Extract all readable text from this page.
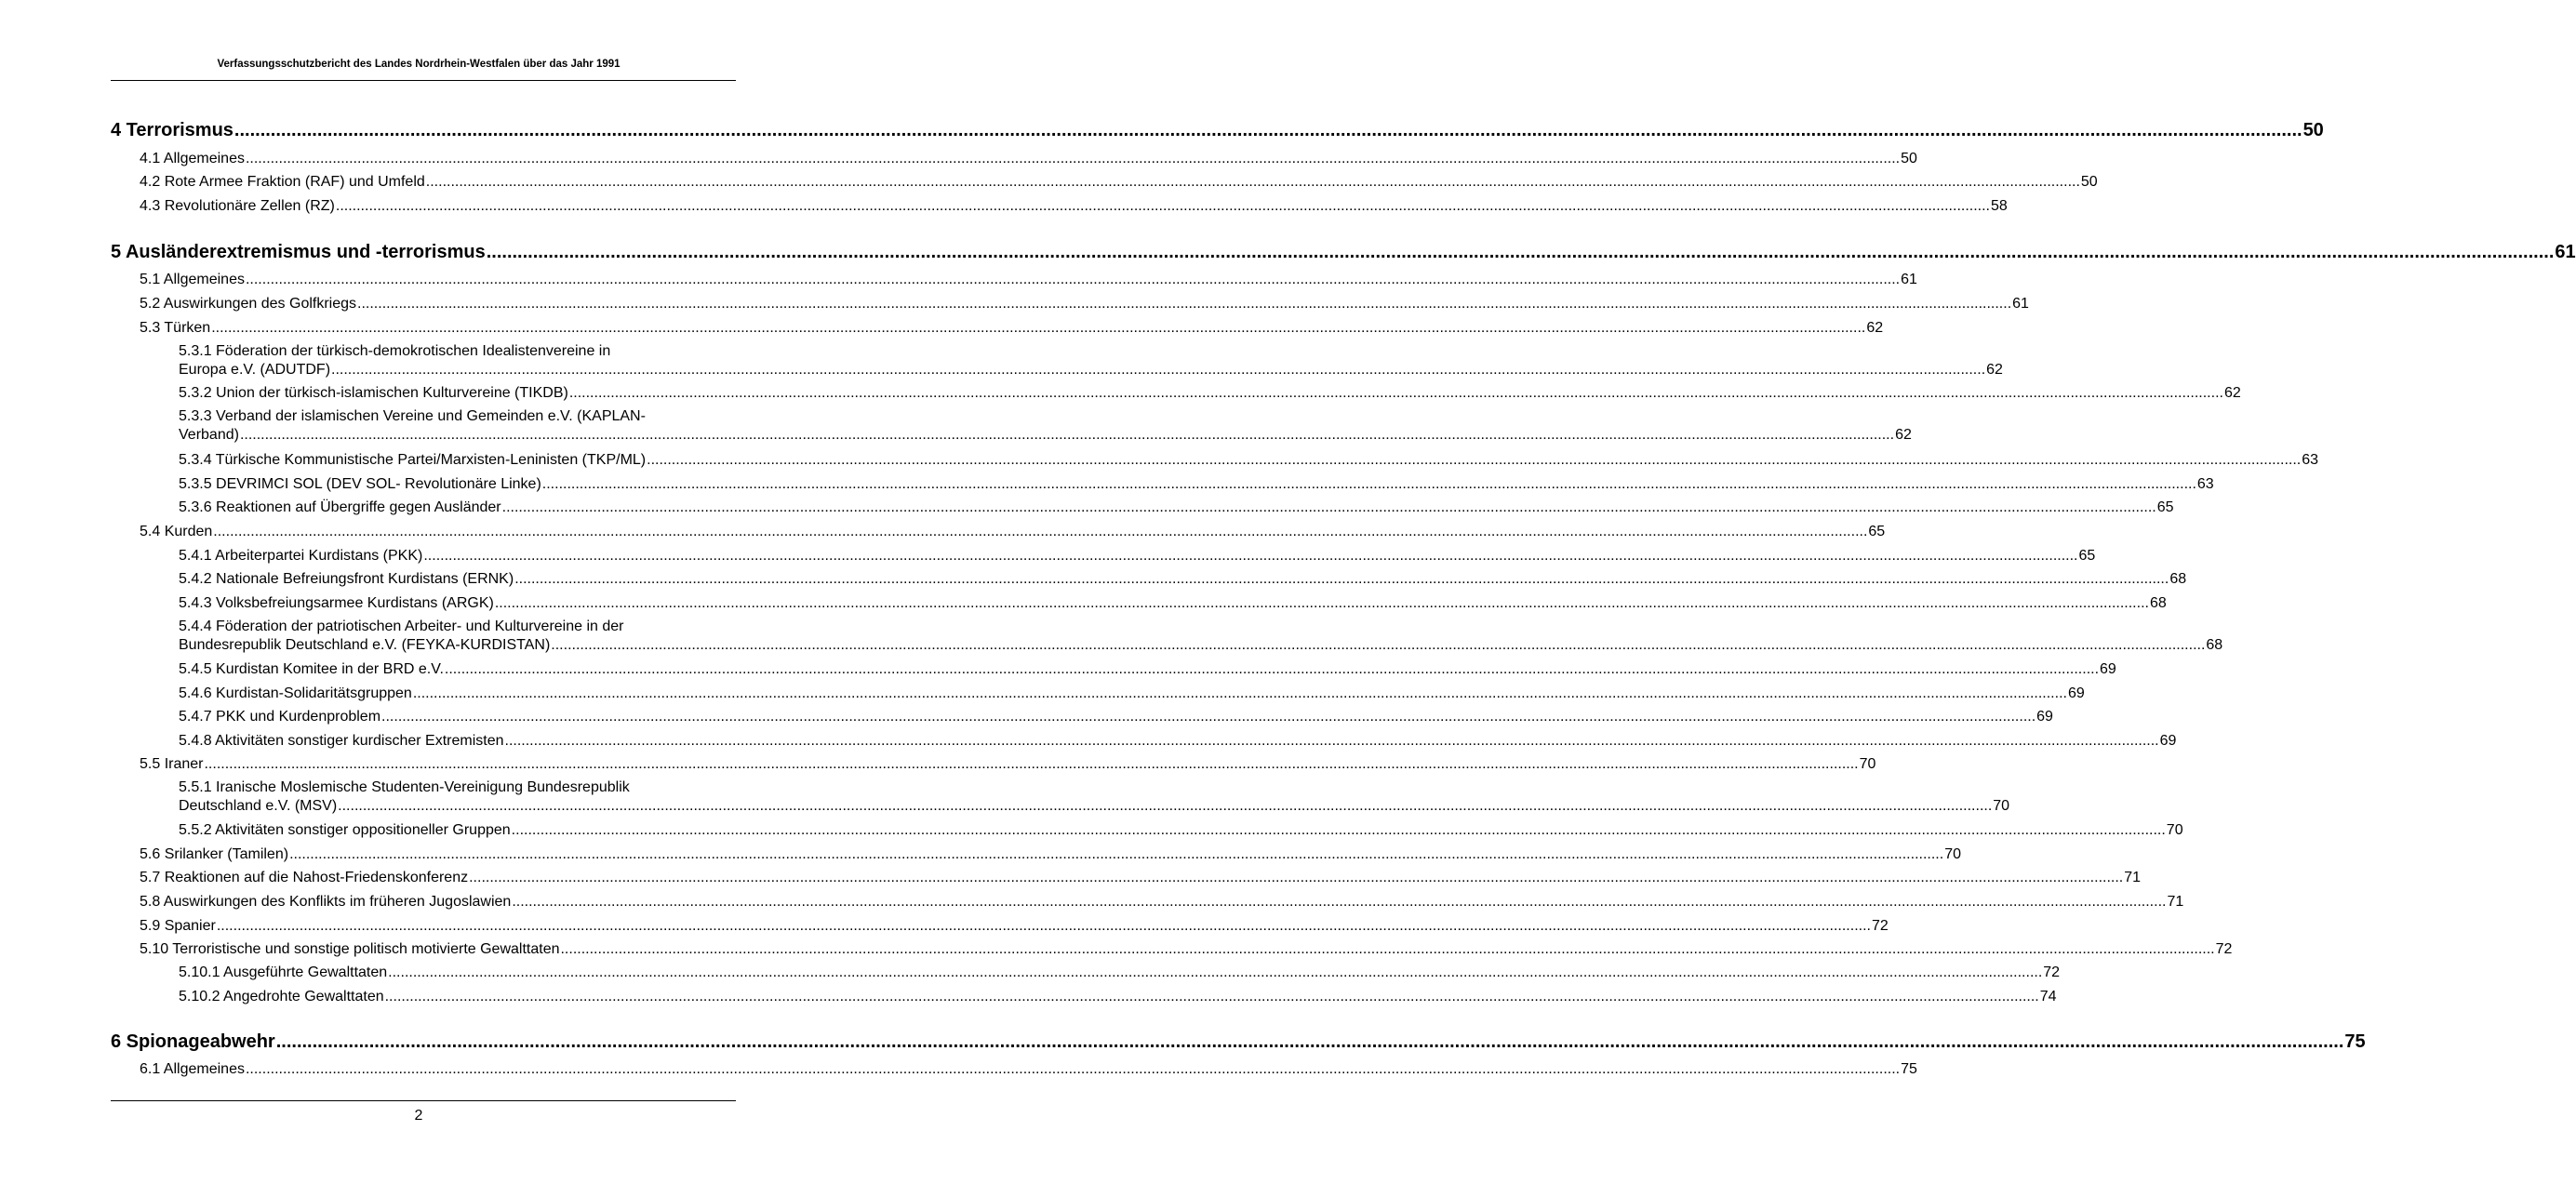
Verfassungsschutzbericht des Landes Nordrhein-Westfalen über das Jahr 1991
4 Terrorismus ................................................................................................................................................................................................................................................................................................................................................................................................................ 50
4.1 Allgemeines ................................................................................................................................................................................................................................................................................................................................................................................................................ 50
4.2 Rote Armee Fraktion (RAF) und Umfeld ................................................................................................................................................................................................................................................................................................................................................................................................................ 50
4.3 Revolutionäre Zellen (RZ) ................................................................................................................................................................................................................................................................................................................................................................................................................ 58
5 Ausländerextremismus und -terrorismus ................................................................................................................................................................................................................................................................................................................................................................................................................ 61
5.1 Allgemeines ................................................................................................................................................................................................................................................................................................................................................................................................................ 61
5.2 Auswirkungen des Golfkriegs ................................................................................................................................................................................................................................................................................................................................................................................................................ 61
5.3 Türken ................................................................................................................................................................................................................................................................................................................................................................................................................ 62
5.3.1 Föderation der türkisch-demokrotischen Idealistenvereine in
Europa e.V. (ADUTDF) ................................................................................................................................................................................................................................................................................................................................................................................................................ 62
5.3.2 Union der türkisch-islamischen Kulturvereine (TIKDB) ................................................................................................................................................................................................................................................................................................................................................................................................................ 62
5.3.3 Verband der islamischen Vereine und Gemeinden e.V. (KAPLAN-
Verband) ................................................................................................................................................................................................................................................................................................................................................................................................................ 62
5.3.4 Türkische Kommunistische Partei/Marxisten-Leninisten (TKP/ML) ................................................................................................................................................................................................................................................................................................................................................................................................................ 63
5.3.5 DEVRIMCI SOL (DEV SOL- Revolutionäre Linke) ................................................................................................................................................................................................................................................................................................................................................................................................................ 63
5.3.6 Reaktionen auf Übergriffe gegen Ausländer ................................................................................................................................................................................................................................................................................................................................................................................................................ 65
5.4 Kurden ................................................................................................................................................................................................................................................................................................................................................................................................................ 65
5.4.1 Arbeiterpartei Kurdistans (PKK) ................................................................................................................................................................................................................................................................................................................................................................................................................ 65
5.4.2 Nationale Befreiungsfront Kurdistans (ERNK) ................................................................................................................................................................................................................................................................................................................................................................................................................ 68
5.4.3 Volksbefreiungsarmee Kurdistans (ARGK) ................................................................................................................................................................................................................................................................................................................................................................................................................ 68
5.4.4 Föderation der patriotischen Arbeiter- und Kulturvereine in der
Bundesrepublik Deutschland e.V. (FEYKA-KURDISTAN) ................................................................................................................................................................................................................................................................................................................................................................................................................ 68
5.4.5 Kurdistan Komitee in der BRD e.V. ................................................................................................................................................................................................................................................................................................................................................................................................................ 69
5.4.6 Kurdistan-Solidaritätsgruppen ................................................................................................................................................................................................................................................................................................................................................................................................................ 69
5.4.7 PKK und Kurdenproblem ................................................................................................................................................................................................................................................................................................................................................................................................................ 69
5.4.8 Aktivitäten sonstiger kurdischer Extremisten ................................................................................................................................................................................................................................................................................................................................................................................................................ 69
5.5 Iraner ................................................................................................................................................................................................................................................................................................................................................................................................................ 70
5.5.1 Iranische Moslemische Studenten-Vereinigung Bundesrepublik
Deutschland e.V. (MSV) ................................................................................................................................................................................................................................................................................................................................................................................................................ 70
5.5.2 Aktivitäten sonstiger oppositioneller Gruppen ................................................................................................................................................................................................................................................................................................................................................................................................................ 70
5.6 Srilanker (Tamilen) ................................................................................................................................................................................................................................................................................................................................................................................................................ 70
5.7 Reaktionen auf die Nahost-Friedenskonferenz ................................................................................................................................................................................................................................................................................................................................................................................................................ 71
5.8 Auswirkungen des Konflikts im früheren Jugoslawien ................................................................................................................................................................................................................................................................................................................................................................................................................ 71
5.9 Spanier ................................................................................................................................................................................................................................................................................................................................................................................................................ 72
5.10 Terroristische und sonstige politisch motivierte Gewalttaten ................................................................................................................................................................................................................................................................................................................................................................................................................ 72
5.10.1 Ausgeführte Gewalttaten ................................................................................................................................................................................................................................................................................................................................................................................................................ 72
5.10.2 Angedrohte Gewalttaten ................................................................................................................................................................................................................................................................................................................................................................................................................ 74
6 Spionageabwehr ................................................................................................................................................................................................................................................................................................................................................................................................................ 75
6.1 Allgemeines ................................................................................................................................................................................................................................................................................................................................................................................................................ 75
2
